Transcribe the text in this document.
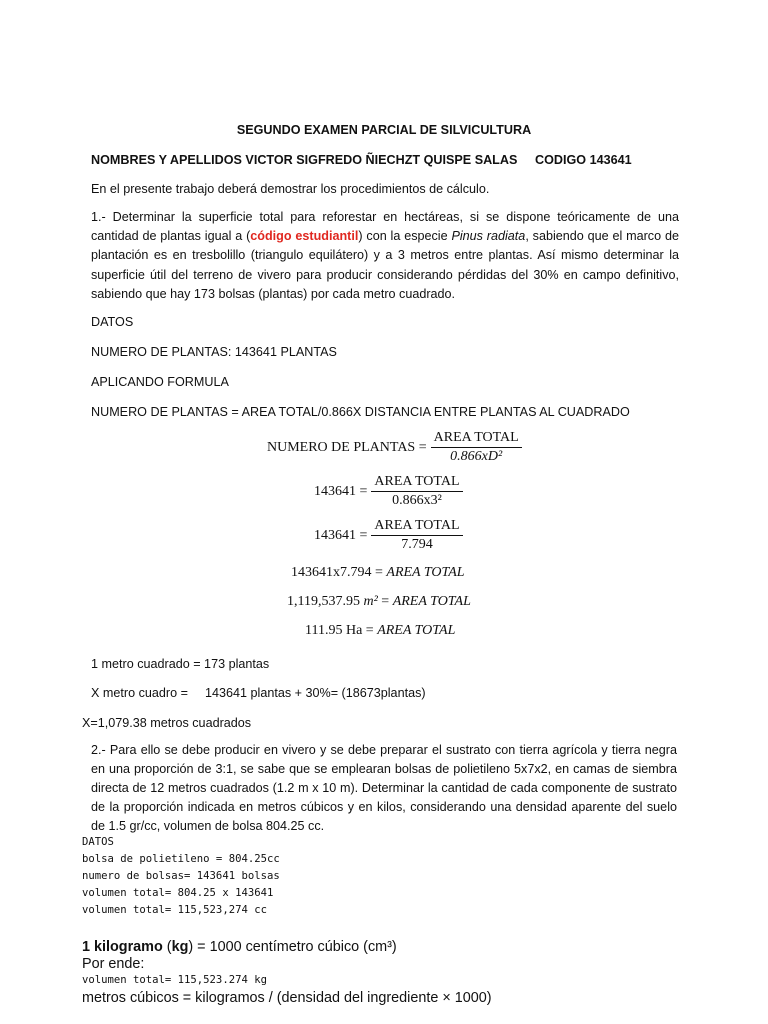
SEGUNDO EXAMEN PARCIAL DE SILVICULTURA
NOMBRES Y APELLIDOS VICTOR SIGFREDO ÑIECHZT QUISPE SALAS CODIGO 143641
En el presente trabajo deberá demostrar los procedimientos de cálculo.
1.- Determinar la superficie total para reforestar en hectáreas, si se dispone teóricamente de una cantidad de plantas igual a (código estudiantil) con la especie Pinus radiata, sabiendo que el marco de plantación es en tresbolillo (triangulo equilátero) y a 3 metros entre plantas. Así mismo determinar la superficie útil del terreno de vivero para producir considerando pérdidas del 30% en campo definitivo, sabiendo que hay 173 bolsas (plantas) por cada metro cuadrado.
DATOS
NUMERO DE PLANTAS: 143641 PLANTAS
APLICANDO FORMULA
NUMERO DE PLANTAS = AREA TOTAL/0.866X DISTANCIA ENTRE PLANTAS AL CUADRADO
NUMERO DE PLANTAS = $\frac{\text{AREA TOTAL}}{\text{0.866xD²}}$
$143641 = \frac{\text{AREA TOTAL}}{\text{0.866x3²}}$
$143641 = \frac{\text{AREA TOTAL}}{7.794}$
143641x7.794 =
AREA TOTAL
1,119,537.95
m²
=
AREA TOTAL
111.95 Ha =
AREA TOTAL
1 metro cuadrado = 173 plantas
X metro cuadro = 143641 plantas + 30%= (18673plantas)
X=1,079.38 metros cuadrados
2.- Para ello se debe producir en vivero y se debe preparar el sustrato con tierra agrícola y tierra negra en una proporción de 3:1, se sabe que se emplearan bolsas de polietileno 5x7x2, en camas de siembra directa de 12 metros cuadrados (1.2 m x 10 m). Determinar la cantidad de cada componente de sustrato de la proporción indicada en metros cúbicos y en kilos, considerando una densidad aparente del suelo de 1.5 gr/cc, volumen de bolsa 804.25 cc.
DATOS
bolsa de polietileno = 804.25cc
numero de bolsas= 143641 bolsas
volumen total= 804.25 x 143641
volumen total= 115,523,274 cc
1 kilogramo (kg) = 1000 centímetro cúbico (cm³)
Por ende:
volumen total= 115,523.274 kg
metros cúbicos = kilogramos / (densidad del ingrediente × 1000)
